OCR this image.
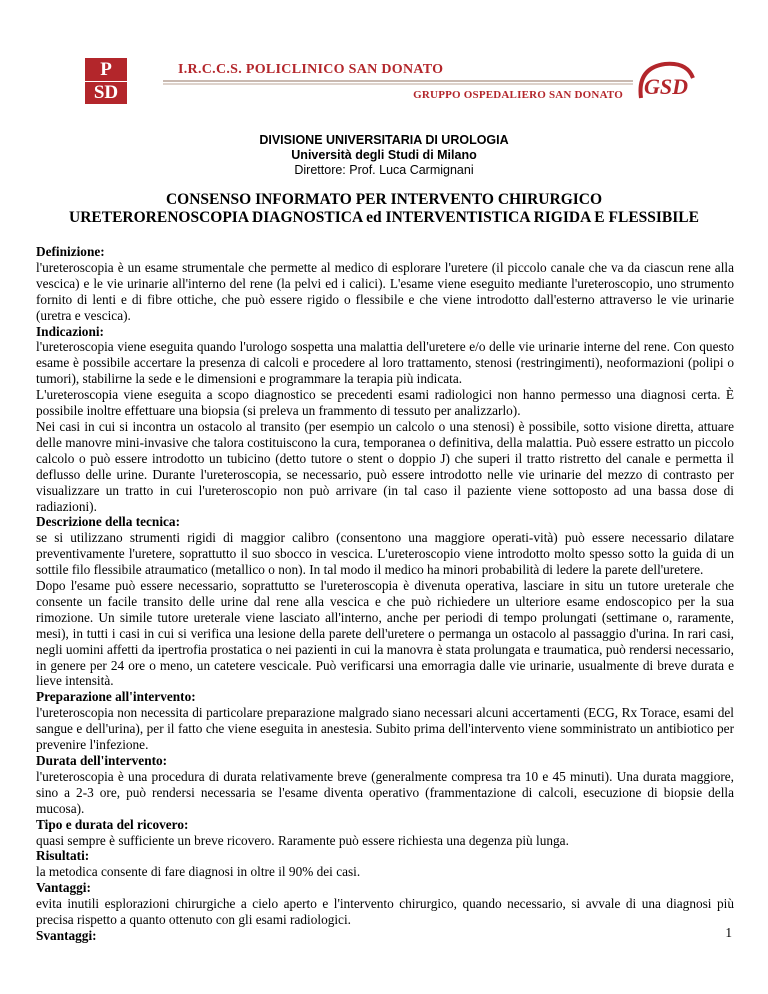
P
SD
I.R.C.C.S. POLICLINICO SAN DONATO
GRUPPO OSPEDALIERO SAN DONATO GSD
DIVISIONE UNIVERSITARIA DI UROLOGIA
Università degli Studi di Milano
Direttore: Prof. Luca Carmignani
CONSENSO INFORMATO PER INTERVENTO CHIRURGICO
URETERORENOSCOPIA DIAGNOSTICA ed INTERVENTISTICA RIGIDA E FLESSIBILE
Definizione:

l'ureteroscopia è un esame strumentale che permette al medico di esplorare l'uretere (il piccolo canale che va da ciascun rene alla vescica) e le vie urinarie all'interno del rene (la pelvi ed i calici). L'esame viene eseguito mediante l'ureteroscopio, uno strumento fornito di lenti e di fibre ottiche, che può essere rigido o flessibile e che viene introdotto dall'esterno attraverso le vie urinarie (uretra e vescica).

Indicazioni:

l'ureteroscopia viene eseguita quando l'urologo sospetta una malattia dell'uretere e/o delle vie urinarie interne del rene. Con questo esame è possibile accertare la presenza di calcoli e procedere al loro trattamento, stenosi (restringimenti), neoformazioni (polipi o tumori), stabilirne la sede e le dimensioni e programmare la terapia più indicata.

L'ureteroscopia viene eseguita a scopo diagnostico se precedenti esami radiologici non hanno permesso una diagnosi certa. È possibile inoltre effettuare una biopsia (si preleva un frammento di tessuto per analizzarlo).

Nei casi in cui si incontra un ostacolo al transito (per esempio un calcolo o una stenosi) è possibile, sotto visione diretta, attuare delle manovre mini-invasive che talora costituiscono la cura, temporanea o definitiva, della malattia. Può essere estratto un piccolo calcolo o può essere introdotto un tubicino (detto tutore o stent o doppio J) che superi il tratto ristretto del canale e permetta il deflusso delle urine. Durante l'ureteroscopia, se necessario, può essere introdotto nelle vie urinarie del mezzo di contrasto per visualizzare un tratto in cui l'ureteroscopio non può arrivare (in tal caso il paziente viene sottoposto ad una bassa dose di radiazioni).

Descrizione della tecnica:

se si utilizzano strumenti rigidi di maggior calibro (consentono una maggiore operati-vità) può essere necessario dilatare preventivamente l'uretere, soprattutto il suo sbocco in vescica. L'ureteroscopio viene introdotto molto spesso sotto la guida di un sottile filo flessibile atraumatico (metallico o non). In tal modo il medico ha minori probabilità di ledere la parete dell'uretere.

Dopo l'esame può essere necessario, soprattutto se l'ureteroscopia è divenuta operativa, lasciare in situ un tutore ureterale che consente un facile transito delle urine dal rene alla vescica e che può richiedere un ulteriore esame endoscopico per la sua rimozione. Un simile tutore ureterale viene lasciato all'interno, anche per periodi di tempo prolungati (settimane o, raramente, mesi), in tutti i casi in cui si verifica una lesione della parete dell'uretere o permanga un ostacolo al passaggio d'urina. In rari casi, negli uomini affetti da ipertrofia prostatica o nei pazienti in cui la manovra è stata prolungata e traumatica, può rendersi necessario, in genere per 24 ore o meno, un catetere vescicale. Può verificarsi una emorragia dalle vie urinarie, usualmente di breve durata e lieve intensità.

Preparazione all'intervento:

l'ureteroscopia non necessita di particolare preparazione malgrado siano necessari alcuni accertamenti (ECG, Rx Torace, esami del sangue e dell'urina), per il fatto che viene eseguita in anestesia. Subito prima dell'intervento viene somministrato un antibiotico per prevenire l'infezione.

Durata dell'intervento:

l'ureteroscopia è una procedura di durata relativamente breve (generalmente compresa tra 10 e 45 minuti). Una durata maggiore, sino a 2-3 ore, può rendersi necessaria se l'esame diventa operativo (frammentazione di calcoli, esecuzione di biopsie della mucosa).

Tipo e durata del ricovero:

quasi sempre è sufficiente un breve ricovero. Raramente può essere richiesta una degenza più lunga.

Risultati:

la metodica consente di fare diagnosi in oltre il 90% dei casi.

Vantaggi:

evita inutili esplorazioni chirurgiche a cielo aperto e l'intervento chirurgico, quando necessario, si avvale di una diagnosi più precisa rispetto a quanto ottenuto con gli esami radiologici.

Svantaggi:	1
